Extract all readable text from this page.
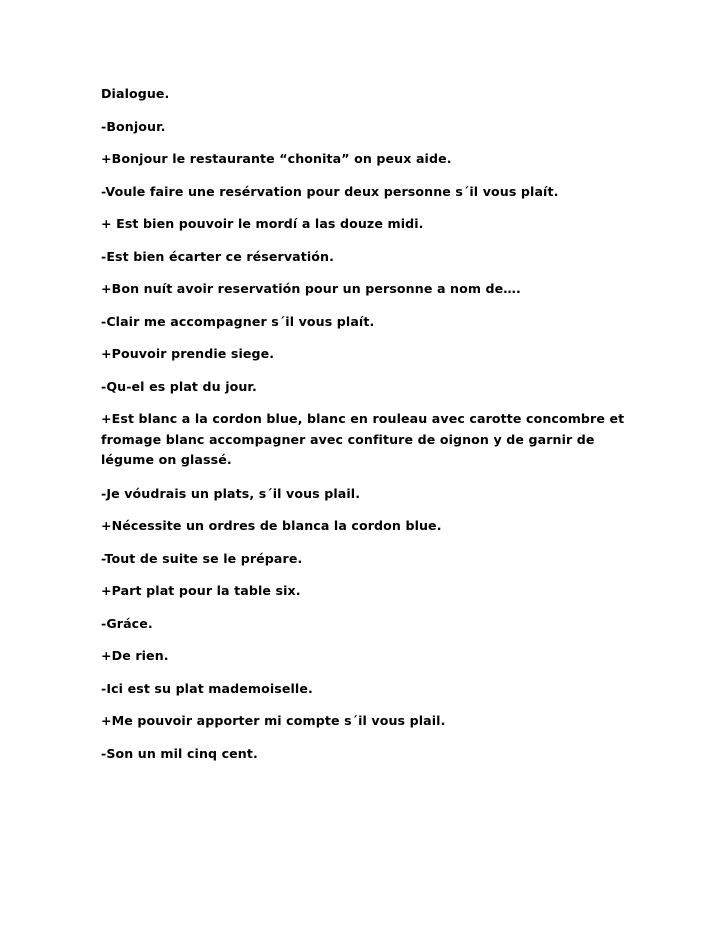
Dialogue.

-Bonjour.

+Bonjour le restaurante “chonita” on peux aide.

-Voule faire une resérvation pour deux personne s´il vous plaít.

+ Est bien pouvoir le mordí a las douze midi.

-Est bien écarter ce réservatión.

+Bon nuít avoir reservatión pour un personne a nom de….

-Clair me accompagner s´il vous plaít.

+Pouvoir prendie siege.

-Qu-el es plat du jour.

+Est blanc a la cordon blue, blanc en rouleau avec carotte concombre et fromage blanc accompagner avec confiture de oignon y de garnir de légume on glassé.

-Je vóudrais un plats, s´il vous plail.

+Nécessite un ordres de blanca la cordon blue.

-Tout de suite se le prépare.

+Part plat pour la table six.

-Gráce.

+De rien.

-Ici est su plat mademoiselle.

+Me pouvoir apporter mi compte s´il vous plail.

-Son un mil cinq cent.
